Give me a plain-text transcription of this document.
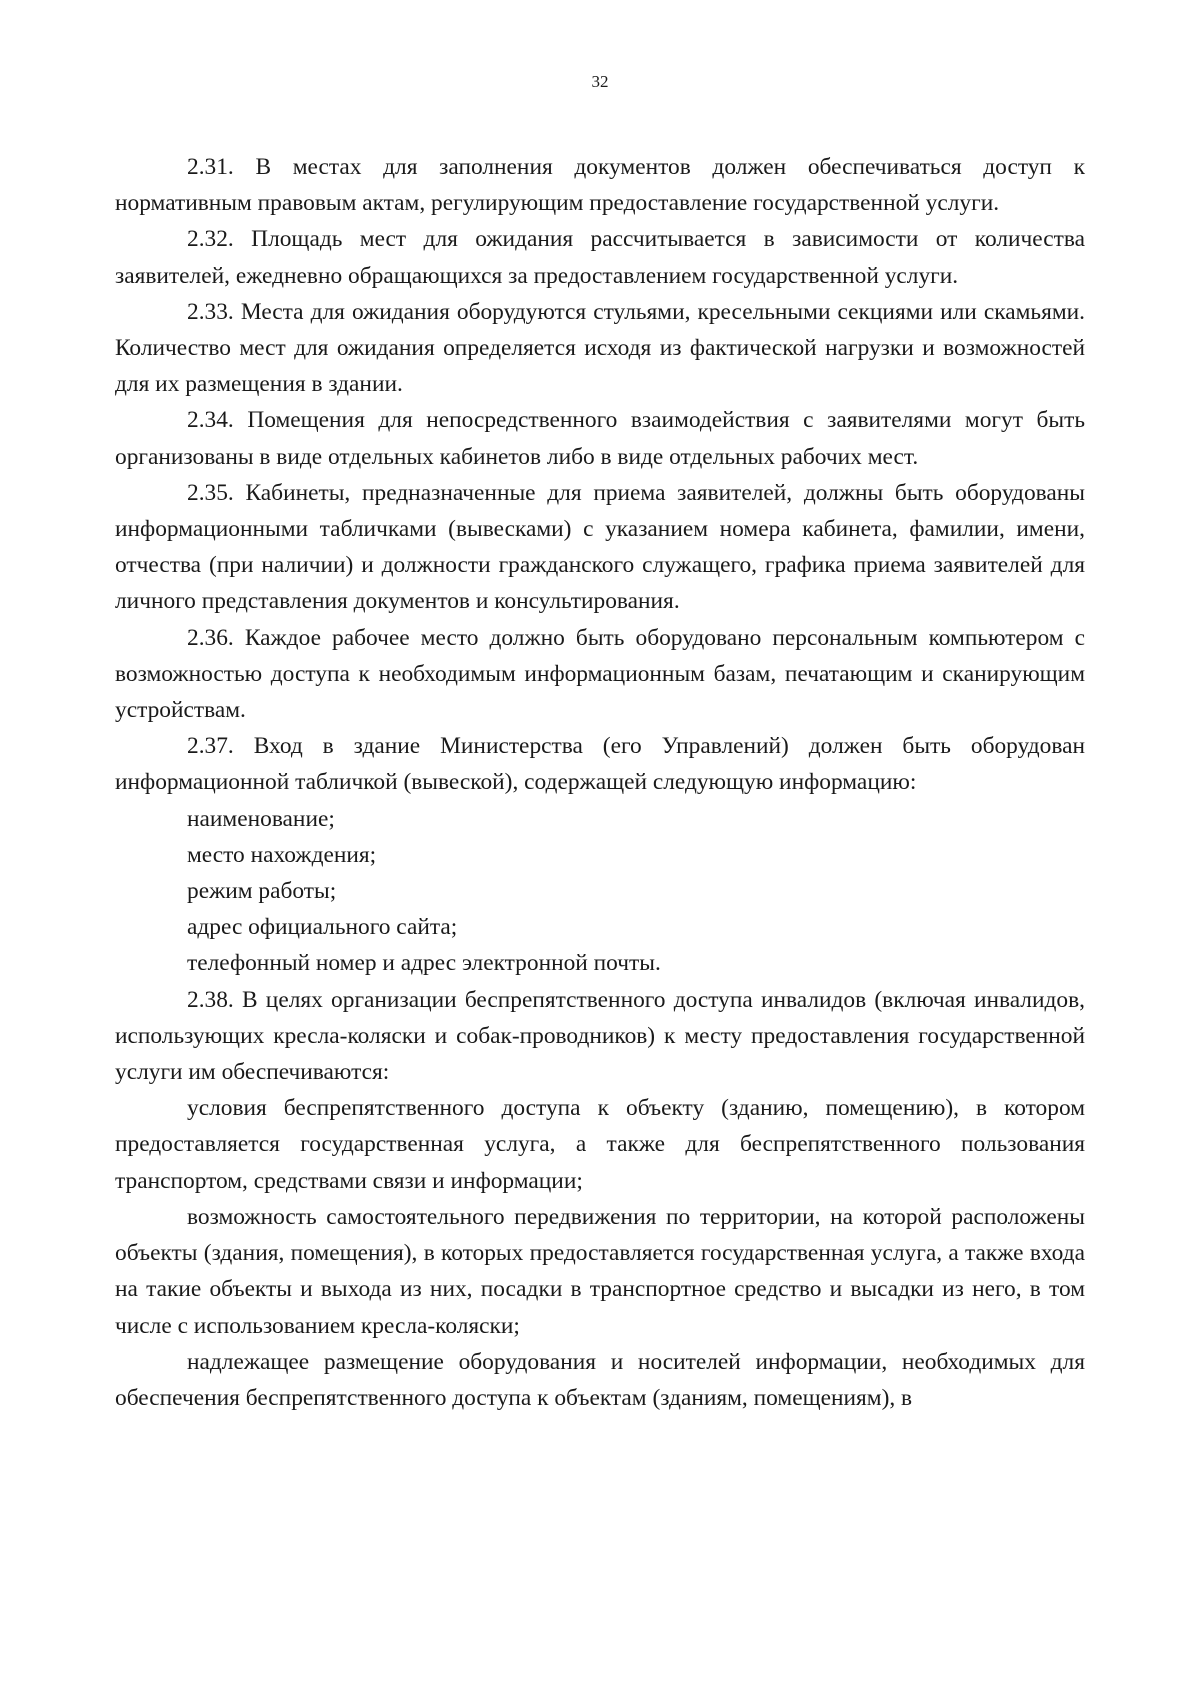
32

2.31. В местах для заполнения документов должен обеспечиваться доступ к нормативным правовым актам, регулирующим предоставление государственной услуги.

2.32. Площадь мест для ожидания рассчитывается в зависимости от количества заявителей, ежедневно обращающихся за предоставлением государственной услуги.

2.33. Места для ожидания оборудуются стульями, кресельными секциями или скамьями. Количество мест для ожидания определяется исходя из фактической нагрузки и возможностей для их размещения в здании.

2.34. Помещения для непосредственного взаимодействия с заявителями могут быть организованы в виде отдельных кабинетов либо в виде отдельных рабочих мест.

2.35. Кабинеты, предназначенные для приема заявителей, должны быть оборудованы информационными табличками (вывесками) с указанием номера кабинета, фамилии, имени, отчества (при наличии) и должности гражданского служащего, графика приема заявителей для личного представления документов и консультирования.

2.36. Каждое рабочее место должно быть оборудовано персональным компьютером с возможностью доступа к необходимым информационным базам, печатающим и сканирующим устройствам.

2.37. Вход в здание Министерства (его Управлений) должен быть оборудован информационной табличкой (вывеской), содержащей следующую информацию:

наименование;

место нахождения;

режим работы;

адрес официального сайта;

телефонный номер и адрес электронной почты.

2.38. В целях организации беспрепятственного доступа инвалидов (включая инвалидов, использующих кресла-коляски и собак-проводников) к месту предоставления государственной услуги им обеспечиваются:

условия беспрепятственного доступа к объекту (зданию, помещению), в котором предоставляется государственная услуга, а также для беспрепятственного пользования транспортом, средствами связи и информации;

возможность самостоятельного передвижения по территории, на которой расположены объекты (здания, помещения), в которых предоставляется государственная услуга, а также входа на такие объекты и выхода из них, посадки в транспортное средство и высадки из него, в том числе с использованием кресла-коляски;

надлежащее размещение оборудования и носителей информации, необходимых для обеспечения беспрепятственного доступа к объектам (зданиям, помещениям), в
